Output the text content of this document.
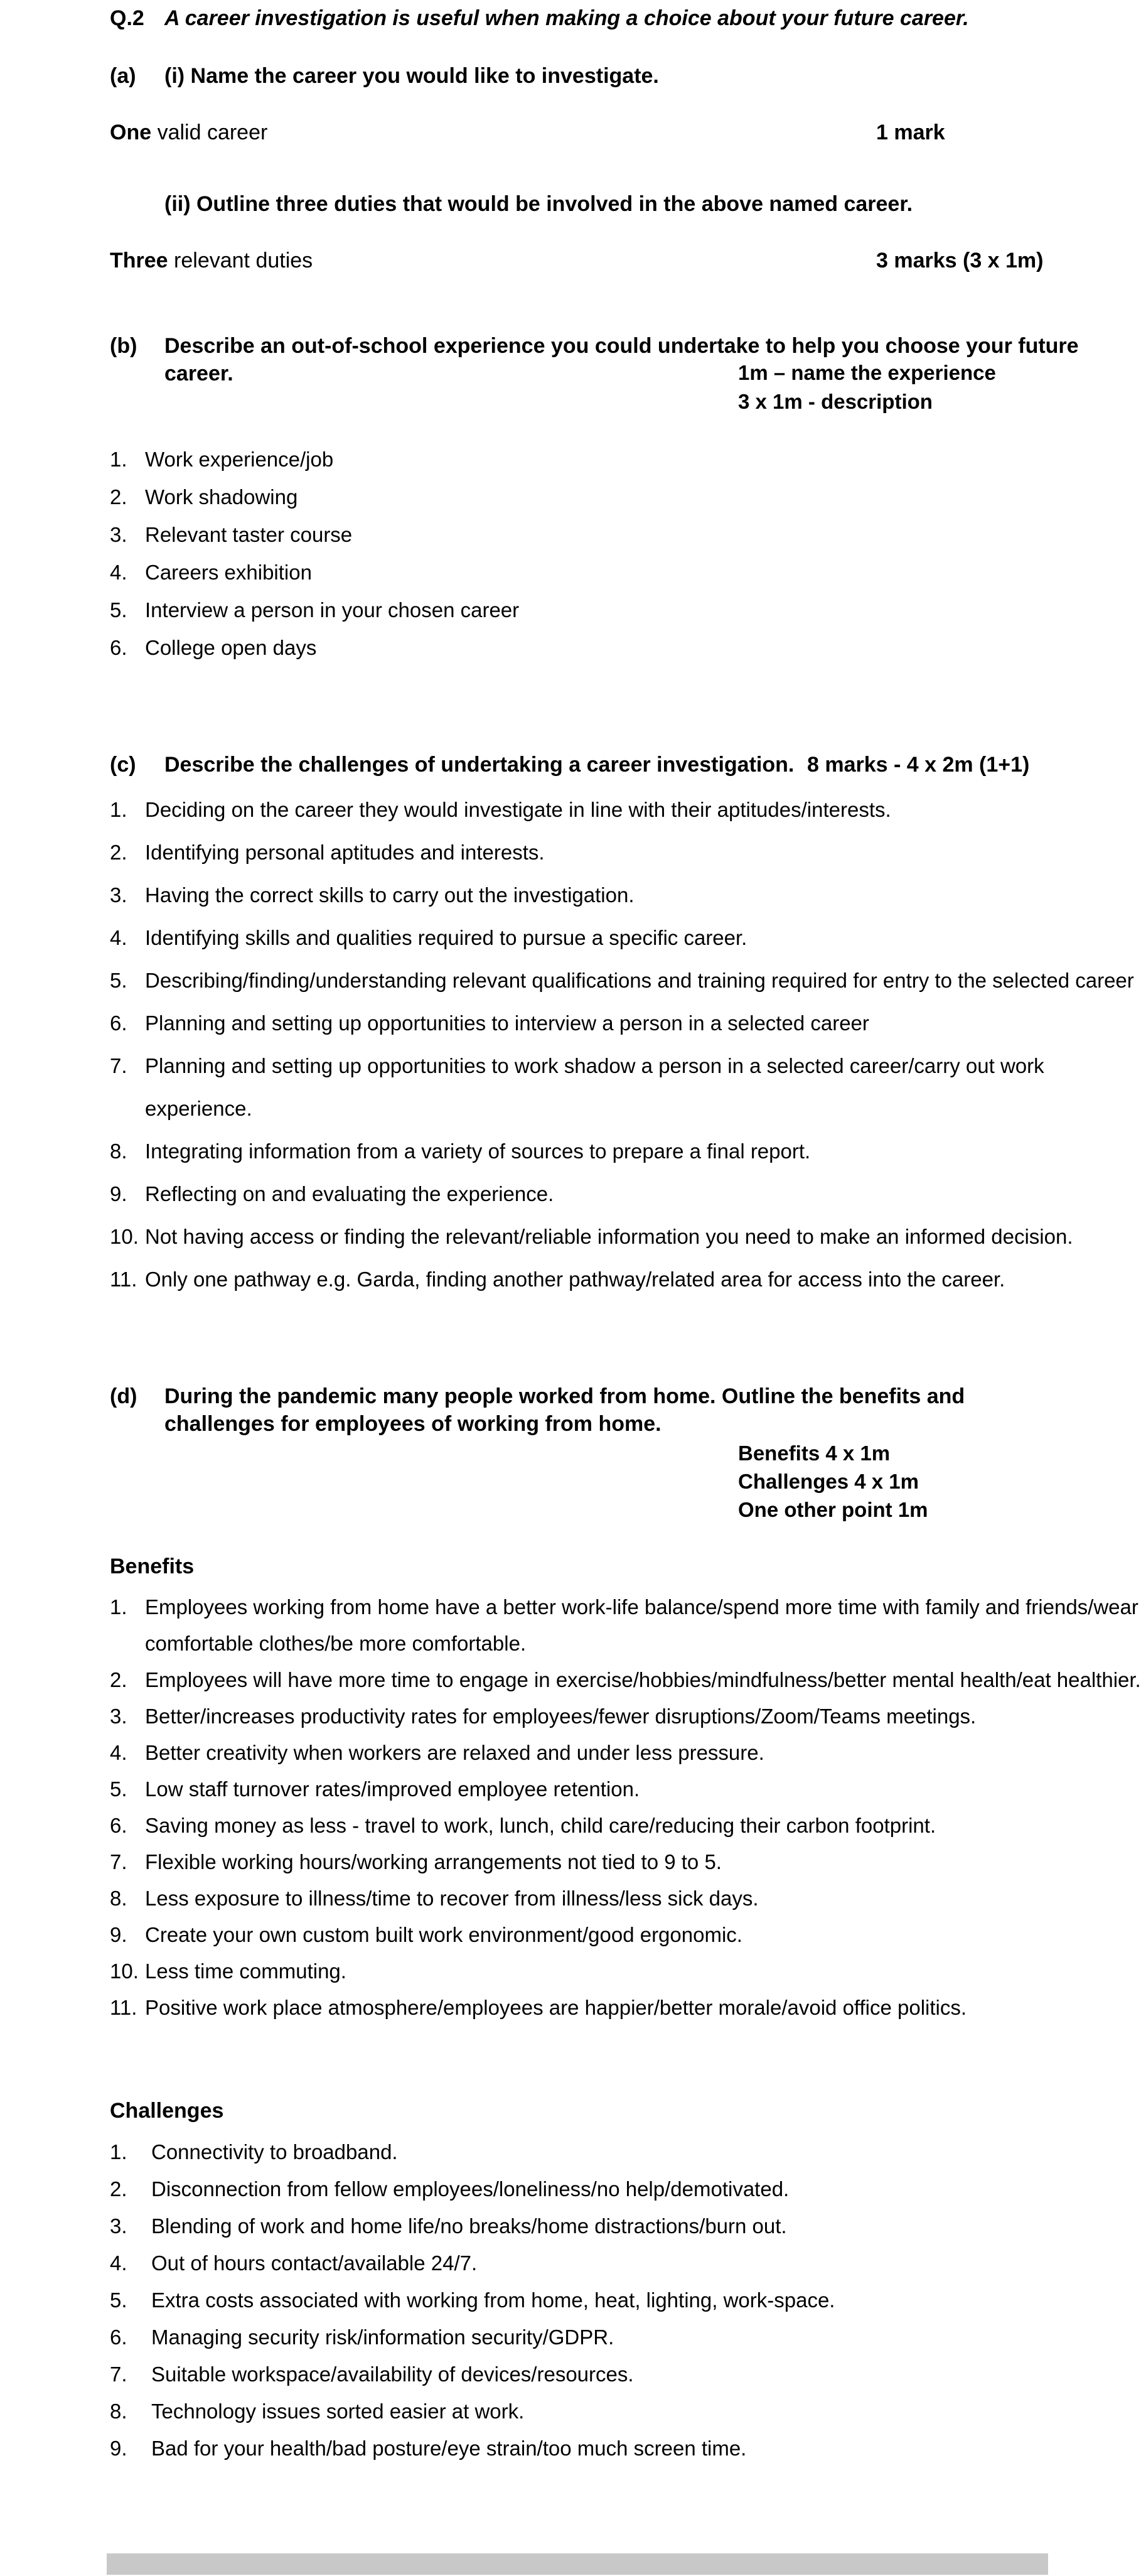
Q.2 A career investigation is useful when making a choice about your future career.
(a) (i) Name the career you would like to investigate.
One valid career	1 mark
(ii) Outline three duties that would be involved in the above named career.
Three relevant duties	3 marks (3 x 1m)
(b) Describe an out-of-school experience you could undertake to help you choose your future
career.	1m – name the experience
3 x 1m - description
1. Work experience/job
2. Work shadowing
3. Relevant taster course
4. Careers exhibition
5. Interview a person in your chosen career
6. College open days
(c) Describe the challenges of undertaking a career investigation. 8 marks - 4 x 2m (1+1)
1. Deciding on the career they would investigate in line with their aptitudes/interests.
2. Identifying personal aptitudes and interests.
3. Having the correct skills to carry out the investigation.
4. Identifying skills and qualities required to pursue a specific career.
5. Describing/finding/understanding relevant qualifications and training required for entry to the selected career
6. Planning and setting up opportunities to interview a person in a selected career
7. Planning and setting up opportunities to work shadow a person in a selected career/carry out work experience.
8. Integrating information from a variety of sources to prepare a final report.
9. Reflecting on and evaluating the experience.
10. Not having access or finding the relevant/reliable information you need to make an informed decision.
11. Only one pathway e.g. Garda, finding another pathway/related area for access into the career.
(d) During the pandemic many people worked from home. Outline the benefits and
challenges for employees of working from home.
Benefits 4 x 1m
Challenges 4 x 1m
One other point 1m
Benefits
1. Employees working from home have a better work-life balance/spend more time with family and friends/wear comfortable clothes/be more comfortable.
2. Employees will have more time to engage in exercise/hobbies/mindfulness/better mental health/eat healthier.
3. Better/increases productivity rates for employees/fewer disruptions/Zoom/Teams meetings.
4. Better creativity when workers are relaxed and under less pressure.
5. Low staff turnover rates/improved employee retention.
6. Saving money as less - travel to work, lunch, child care/reducing their carbon footprint.
7. Flexible working hours/working arrangements not tied to 9 to 5.
8. Less exposure to illness/time to recover from illness/less sick days.
9. Create your own custom built work environment/good ergonomic.
10. Less time commuting.
11. Positive work place atmosphere/employees are happier/better morale/avoid office politics.
Challenges
1.	Connectivity to broadband.
2.	Disconnection from fellow employees/loneliness/no help/demotivated.
3.	Blending of work and home life/no breaks/home distractions/burn out.
4.	Out of hours contact/available 24/7.
5.	Extra costs associated with working from home, heat, lighting, work-space.
6.	Managing security risk/information security/GDPR.
7.	Suitable workspace/availability of devices/resources.
8.	Technology issues sorted easier at work.
9.	Bad for your health/bad posture/eye strain/too much screen time.
